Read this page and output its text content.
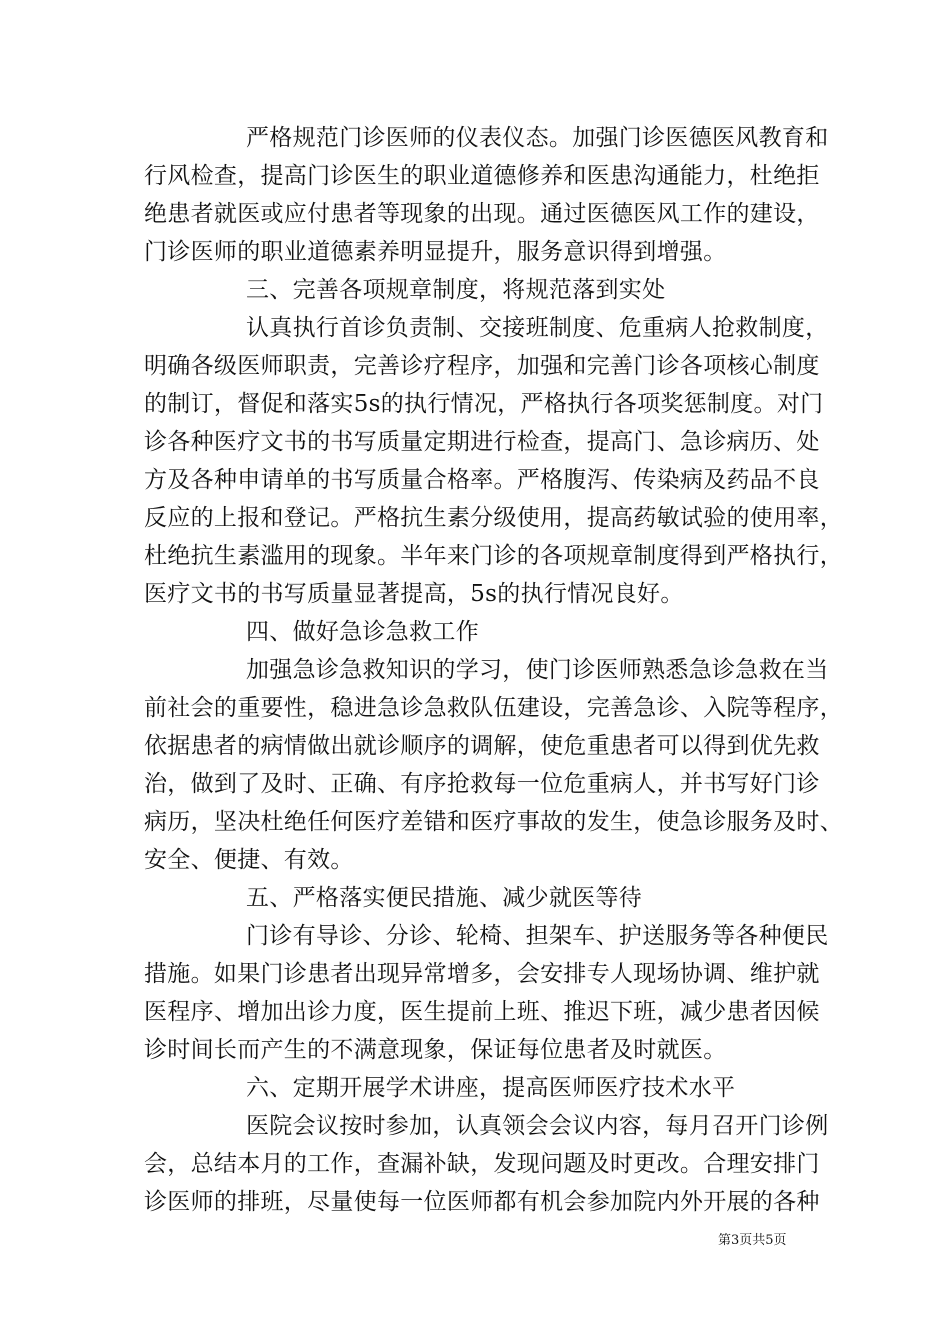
严格规范门诊医师的仪表仪态。加强门诊医德医风教育和
行风检查，提高门诊医生的职业道德修养和医患沟通能力，杜绝拒
绝患者就医或应付患者等现象的出现。通过医德医风工作的建设，
门诊医师的职业道德素养明显提升，服务意识得到增强。
三、完善各项规章制度，将规范落到实处
认真执行首诊负责制、交接班制度、危重病人抢救制度，
明确各级医师职责，完善诊疗程序，加强和完善门诊各项核心制度
的制订，督促和落实5s的执行情况，严格执行各项奖惩制度。对门
诊各种医疗文书的书写质量定期进行检查，提高门、急诊病历、处
方及各种申请单的书写质量合格率。严格腹泻、传染病及药品不良
反应的上报和登记。严格抗生素分级使用，提高药敏试验的使用率，
杜绝抗生素滥用的现象。半年来门诊的各项规章制度得到严格执行，
医疗文书的书写质量显著提高，5s的执行情况良好。
四、做好急诊急救工作
加强急诊急救知识的学习，使门诊医师熟悉急诊急救在当
前社会的重要性，稳进急诊急救队伍建设，完善急诊、入院等程序，
依据患者的病情做出就诊顺序的调解，使危重患者可以得到优先救
治，做到了及时、正确、有序抢救每一位危重病人，并书写好门诊
病历，坚决杜绝任何医疗差错和医疗事故的发生，使急诊服务及时、
安全、便捷、有效。
五、严格落实便民措施、减少就医等待
门诊有导诊、分诊、轮椅、担架车、护送服务等各种便民
措施。如果门诊患者出现异常增多，会安排专人现场协调、维护就
医程序、增加出诊力度，医生提前上班、推迟下班，减少患者因候
诊时间长而产生的不满意现象，保证每位患者及时就医。
六、定期开展学术讲座，提高医师医疗技术水平
医院会议按时参加，认真领会会议内容，每月召开门诊例
会，总结本月的工作，查漏补缺，发现问题及时更改。合理安排门
诊医师的排班，尽量使每一位医师都有机会参加院内外开展的各种
第3页共5页
